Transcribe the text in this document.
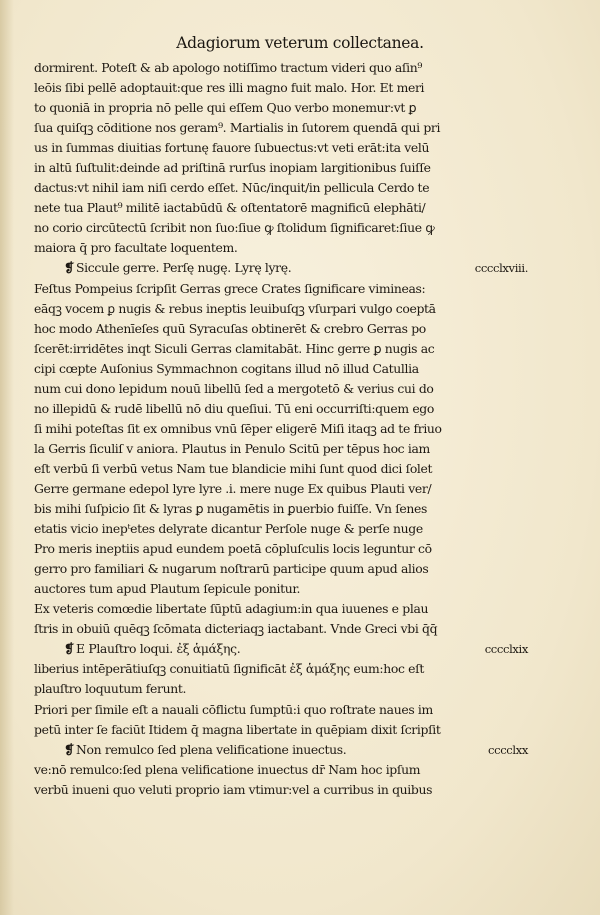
Adagiorum veterum collectanea.
dormirent. Poteſt & ab apologo notiſſimo tractum videri quo aſin⁹
leōis ſibi pellē adoptauit:que res illi magno fuit malo. Hor. Et meri
to quoniā in propria nō pelle qui eſſem Quo verbo monemur:vt ꝑ
ſua quiſqꝫ cōditione nos geram⁹. Martialis in ſutorem quendā qui pri
us in ſummas diuitias fortunę fauore ſubuectus:vt veti erāt:ita velū
in altū ſuſtulit:deinde ad priſtinā rurſus inopiam largitionibus ſuiſſe
dactus:vt nihil iam niſi cerdo eſſet. Nūc/inquit/in pellicula Cerdo te
nete tua Plaut⁹ militē iactabūdū & oſtentatorē magnificū elephāti/
no corio circūtectū ſcribit non ſuo:ſiue ꝙ ſtolidum ſignificaret:ſiue ꝙ
maiora q̄ pro facultate loquentem.
❡ Siccule gerre. Perſę nugę. Lyrę lyrę.	cccclxviii.
Feſtus Pompeius ſcripſit Gerras grece Crates ſignificare vimineas:
eāqꝫ vocem ꝑ nugis & rebus ineptis leuibuſqꝫ vſurpari vulgo coeptā
hoc modo Athenīeſes quū Syracuſas obtinerēt & crebro Gerras po
ſcerēt:irridētes inqt Siculi Gerras clamitabāt. Hinc gerre ꝑ nugis ac
cipi cœpte Auſonius Symmachnon cogitans illud nō illud Catullia
num cui dono lepidum nouū libellū ſed a mergotetō & verius cui do
no illepidū & rudē libellū nō diu queſiui. Tū eni occurriſti:quem ego
ſi mihi poteſtas ſit ex omnibus vnū ſēper eligerē Miſi itaqꝫ ad te friuo
la Gerris ſiculiſ v aniora. Plautus in Penulo Scitū per tēpus hoc iam
eſt verbū ſi verbū vetus Nam tue blandicie mihi ſunt quod dici ſolet
Gerre germane edepol lyre lyre .i. mere nuge Ex quibus Plauti ver/
bis mihi ſuſpicio ſit & lyras ꝑ nugamētis in ꝑuerbio fuiſſe. Vn ſenes
etatis vicio inepᵗetes delyrate dicantur Perſole nuge & perſe nuge
Pro meris ineptiis apud eundem poetā cōpluſculis locis leguntur cō
gerro pro familiari & nugarum noſtrarū participe quum apud alios
auctores tum apud Plautum ſepicule ponitur.
Ex veteris comœdie libertate ſūptū adagium:in qua iuuenes e plau
ſtris in obuiū quēqꝫ ſcōmata dicteriaqꝫ iactabant. Vnde Greci vbi q̄q̄
❡ E Plauſtro loqui. ἐξ ἁμάξης.	cccclxix
liberius intēperātiuſqꝫ conuitiatū ſignificāt ἐξ ἁμάξης eum:hoc eſt
plauſtro loquutum ferunt.
Priori per ſimile eſt a nauali cōflictu ſumptū:i quo roſtrate naues im
petū inter ſe faciūt Itidem q̄ magna libertate in quēpiam dixit ſcripſit
❡ Non remulco ſed plena velificatione inuectus.	cccclxx
ve:nō remulco:ſed plena velificatione inuectus dr̄ Nam hoc ipſum
verbū inueni quo veluti proprio iam vtimur:vel a curribus in quibus
